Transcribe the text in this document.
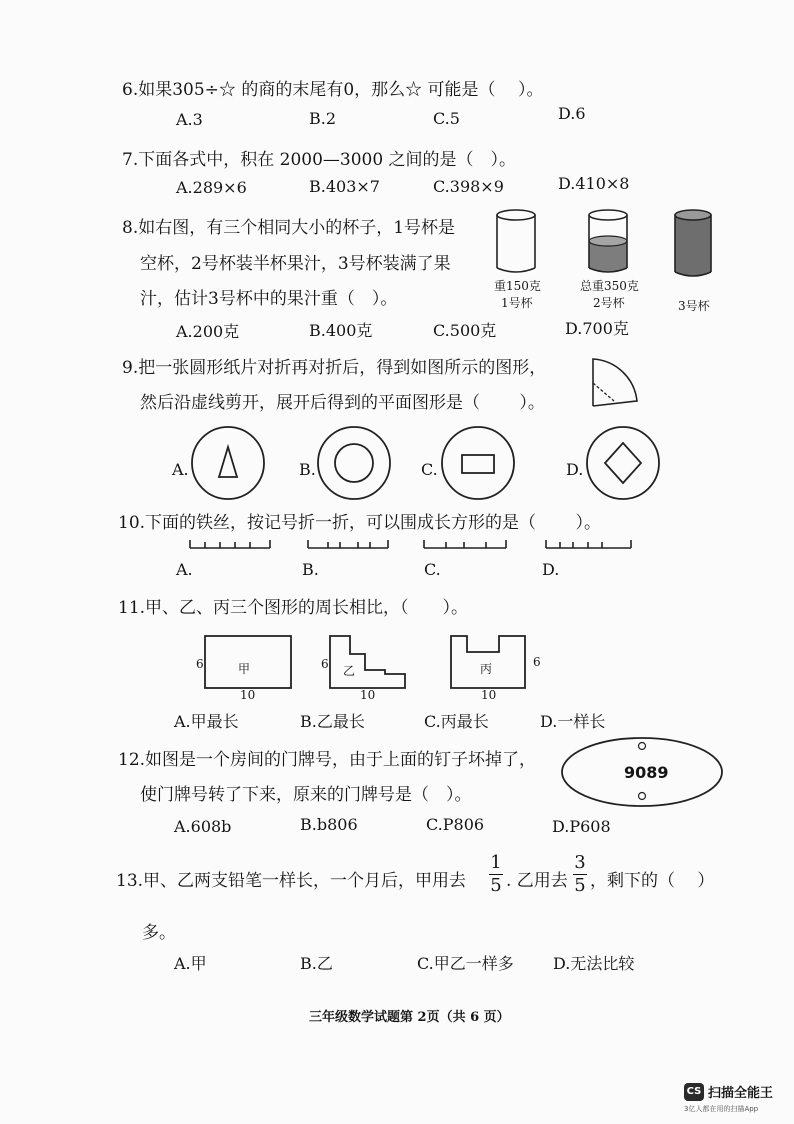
6.如果305÷☆ 的商的末尾有0，那么☆ 可能是（　 ）。
A.3	B.2	C.5	D.6
7.下面各式中，积在 2000—3000 之间的是（　）。
A.289×6	B.403×7	C.398×9	D.410×8
8.如右图，有三个相同大小的杯子，1号杯是
空杯，2号杯装半杯果汁，3号杯装满了果
汁，估计3号杯中的果汁重（　）。
重150克
1号杯
总重350克
2号杯	3号杯
A.200克	B.400克	C.500克	D.700克
9.把一张圆形纸片对折再对折后，得到如图所示的图形，
然后沿虚线剪开，展开后得到的平面图形是（　　 ）。
A.	B.	C.	D.
10.下面的铁丝，按记号折一折，可以围成长方形的是（　　 ）。
A.	B.	C.	D.
11.甲、乙、丙三个图形的周长相比，（　　）。
6	甲
10
6 乙
10
6
丙
10
A.甲最长	B.乙最长	C.丙最长	D.一样长
12.如图是一个房间的门牌号，由于上面的钉子坏掉了，
使门牌号转了下来，原来的门牌号是（　）。
9089
A.608b	B.b806	C.P806	D.P608
13.甲、乙两支铅笔一样长，一个月后，甲用去
1
5 . 乙用去
3
5 ，剩下的（　 ）
多。
A.甲	B.乙	C.甲乙一样多 D.无法比较
三年级数学试题第 2页（共 6 页）
CS 扫描全能王
3亿人都在用的扫描App
